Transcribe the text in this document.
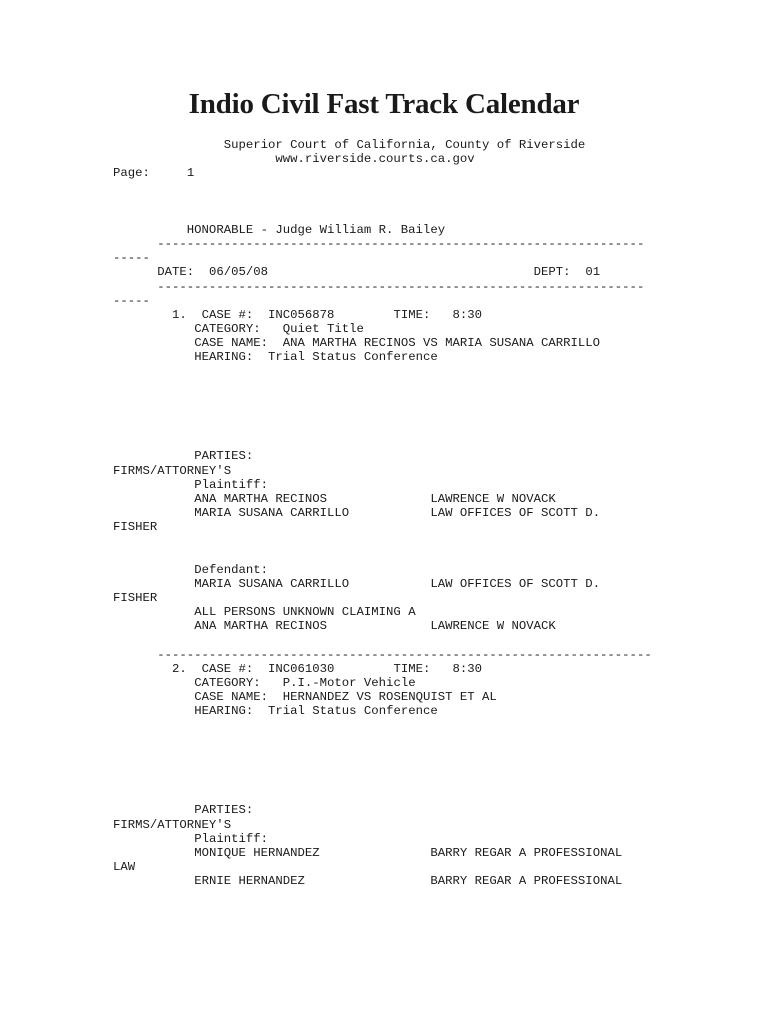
Indio Civil Fast Track Calendar
Superior Court of California, County of Riverside
www.riverside.courts.ca.gov
Page:	1

HONORABLE - Judge William R. Bailey
------------------------------------------------------------------
-----
DATE: 06/05/08	DEPT: 01
------------------------------------------------------------------
-----
1. CASE #: INC056878	TIME: 8:30
CATEGORY: Quiet Title
CASE NAME: ANA MARTHA RECINOS VS MARIA SUSANA CARRILLO
HEARING: Trial Status Conference

PARTIES:
FIRMS/ATTORNEY'S
Plaintiff:
ANA MARTHA RECINOS	LAWRENCE W NOVACK
MARIA SUSANA CARRILLO	LAW OFFICES OF SCOTT D.
FISHER

Defendant:
MARIA SUSANA CARRILLO	LAW OFFICES OF SCOTT D.
FISHER
ALL PERSONS UNKNOWN CLAIMING A
ANA MARTHA RECINOS	LAWRENCE W NOVACK

-------------------------------------------------------------------
2. CASE #: INC061030	TIME: 8:30
CATEGORY: P.I.-Motor Vehicle
CASE NAME: HERNANDEZ VS ROSENQUIST ET AL
HEARING: Trial Status Conference

PARTIES:
FIRMS/ATTORNEY'S
Plaintiff:
MONIQUE HERNANDEZ	BARRY REGAR A PROFESSIONAL
LAW
ERNIE HERNANDEZ	BARRY REGAR A PROFESSIONAL
